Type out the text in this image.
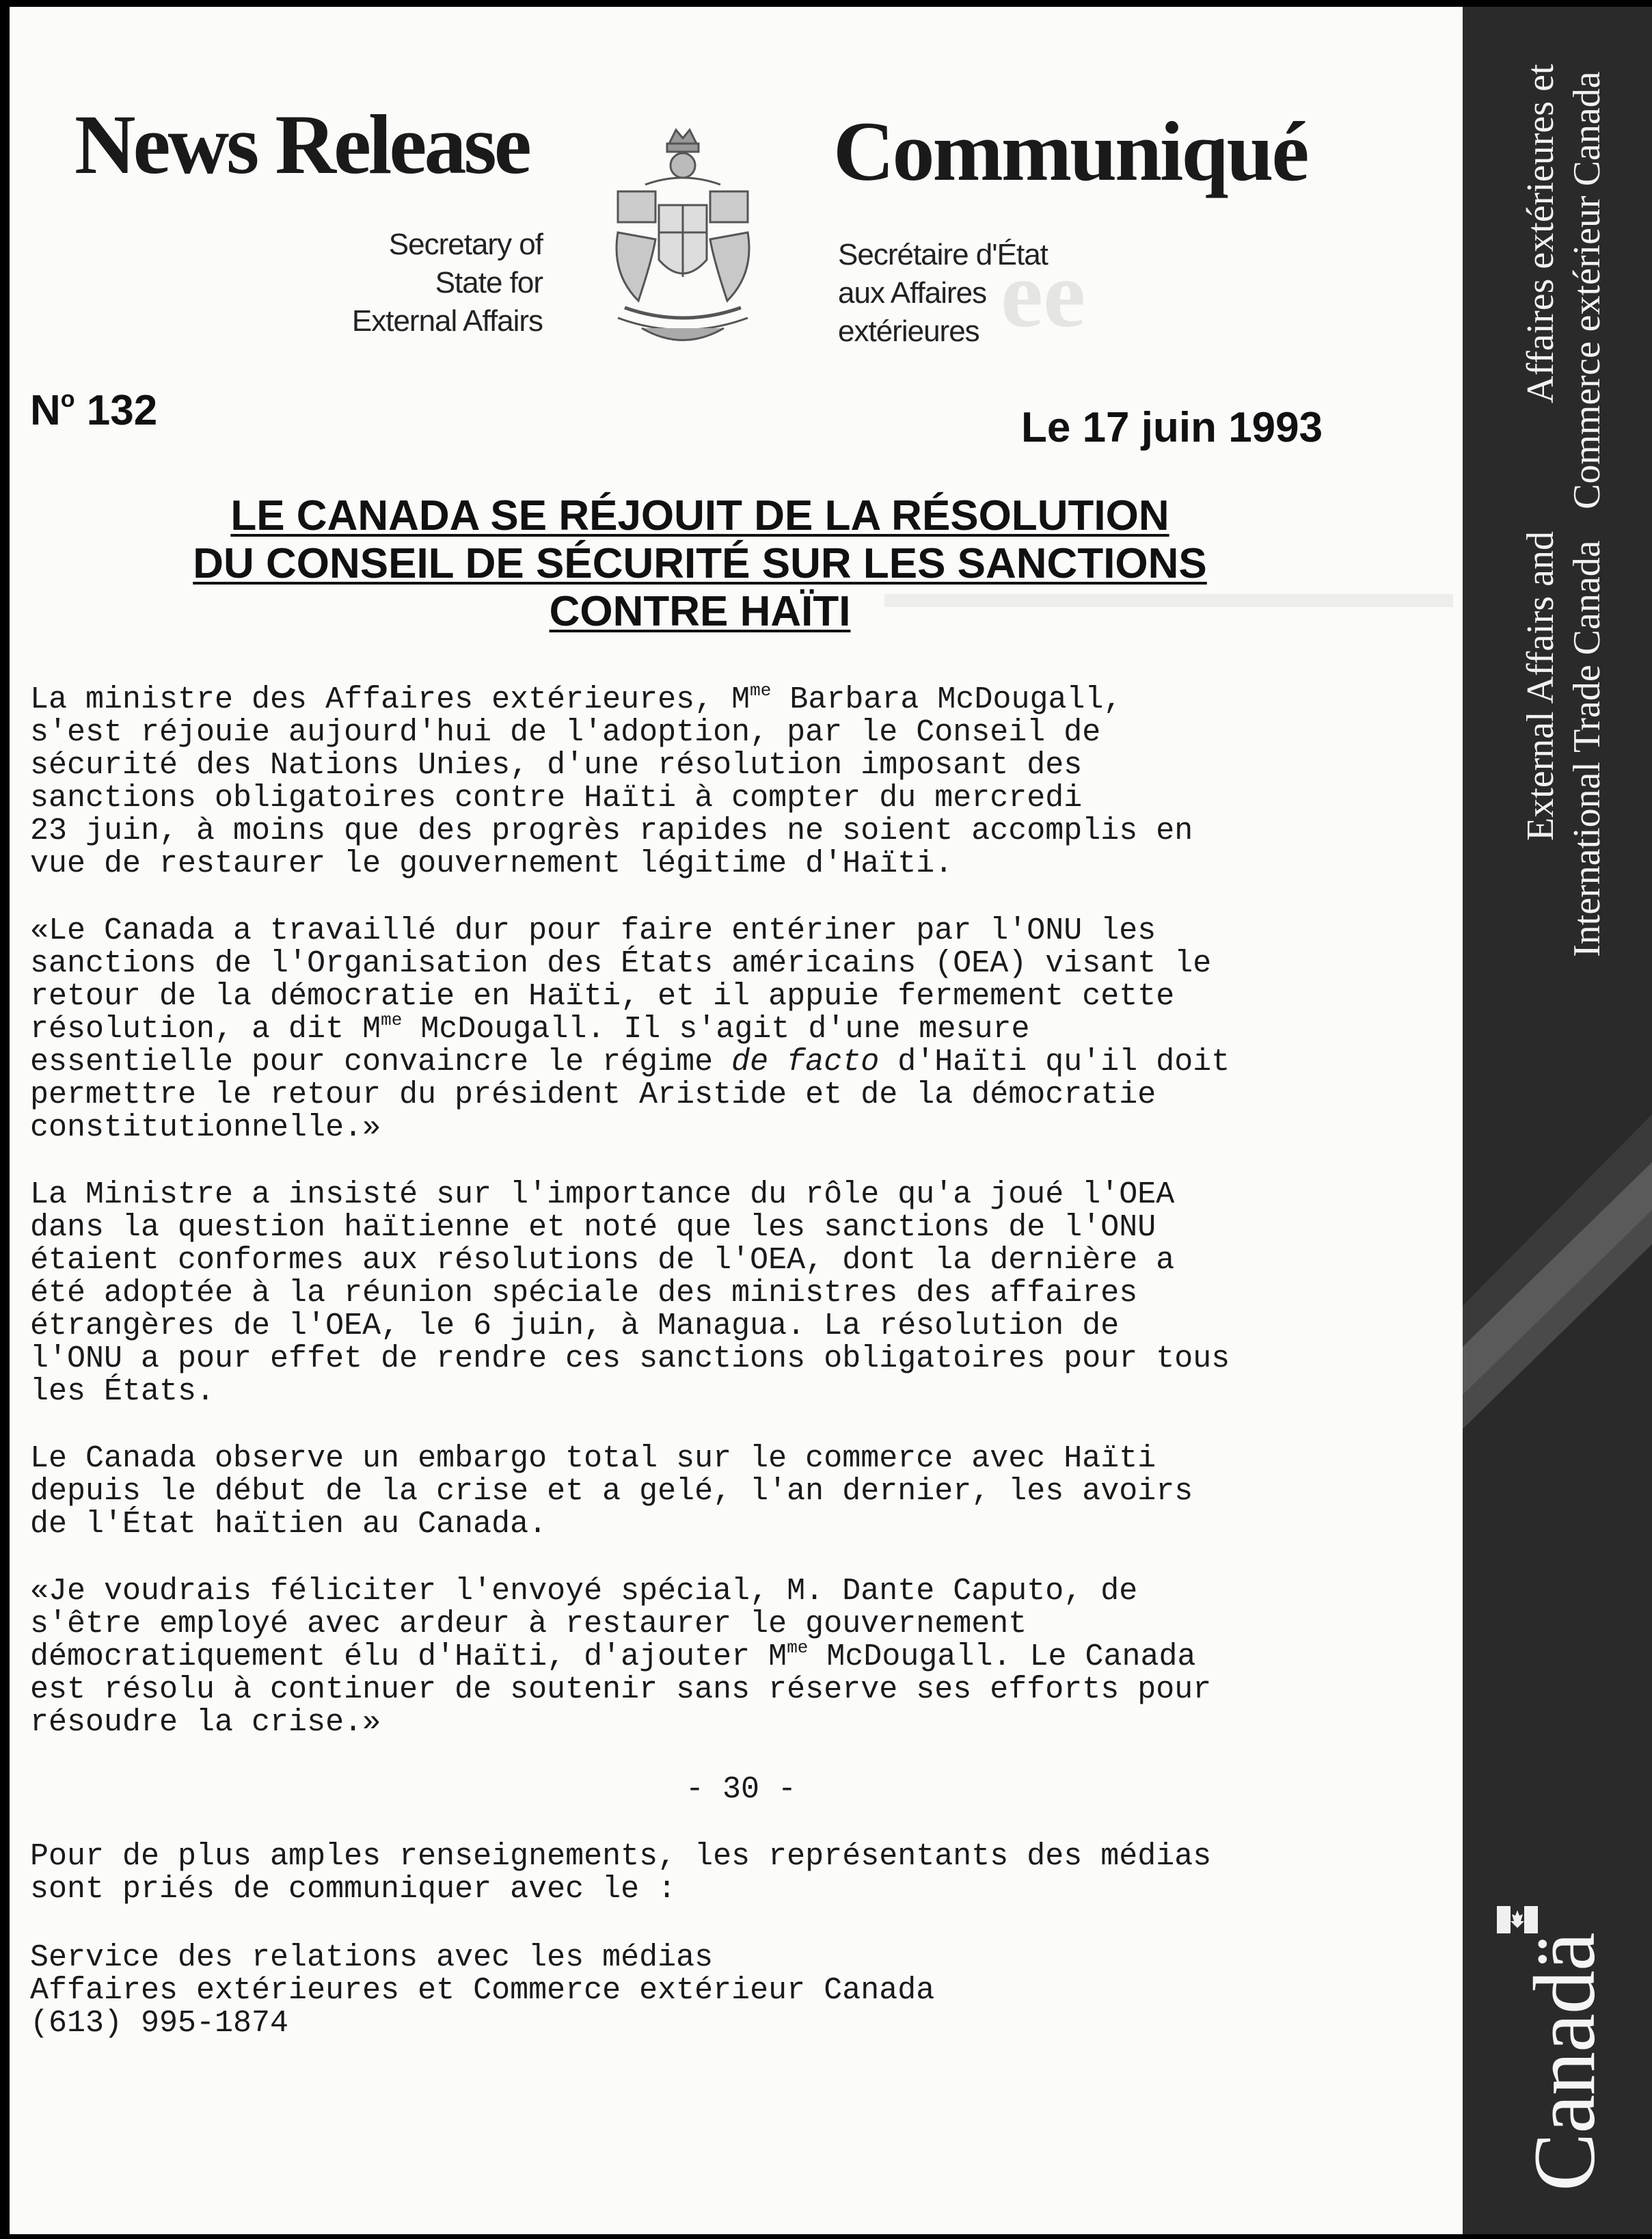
ee
▬▬▬▬▬▬▬▬▬▬▬▬▬
News Release
Secretary of
State for
External Affairs
Communiqué
Secrétaire d'État
aux Affaires
extérieures
$N^o$ 132	Le 17 juin 1993
LE CANADA SE RÉJOUIT DE LA RÉSOLUTION
DU CONSEIL DE SÉCURITÉ SUR LES SANCTIONS
CONTRE HAÏTI

La ministre des Affaires extérieures, $M^{me}$ Barbara McDougall,
s'est réjouie aujourd'hui de l'adoption, par le Conseil de
sécurité des Nations Unies, d'une résolution imposant des
sanctions obligatoires contre Haïti à compter du mercredi
23 juin, à moins que des progrès rapides ne soient accomplis en
vue de restaurer le gouvernement légitime d'Haïti.

«Le Canada a travaillé dur pour faire entériner par l'ONU les
sanctions de l'Organisation des États américains (OEA) visant le
retour de la démocratie en Haïti, et il appuie fermement cette
résolution, a dit $M^{me}$ McDougall. Il s'agit d'une mesure
essentielle pour convaincre le régime de facto d'Haïti qu'il doit
permettre le retour du président Aristide et de la démocratie
constitutionnelle.»

La Ministre a insisté sur l'importance du rôle qu'a joué l'OEA
dans la question haïtienne et noté que les sanctions de l'ONU
étaient conformes aux résolutions de l'OEA, dont la dernière a
été adoptée à la réunion spéciale des ministres des affaires
étrangères de l'OEA, le 6 juin, à Managua. La résolution de
l'ONU a pour effet de rendre ces sanctions obligatoires pour tous
les États.

Le Canada observe un embargo total sur le commerce avec Haïti
depuis le début de la crise et a gelé, l'an dernier, les avoirs
de l'État haïtien au Canada.

«Je voudrais féliciter l'envoyé spécial, M. Dante Caputo, de
s'être employé avec ardeur à restaurer le gouvernement
démocratiquement élu d'Haïti, d'ajouter $M^{me}$ McDougall. Le Canada
est résolu à continuer de soutenir sans réserve ses efforts pour
résoudre la crise.»

- 30 -

Pour de plus amples renseignements, les représentants des médias
sont priés de communiquer avec le :

Service des relations avec les médias
Affaires extérieures et Commerce extérieur Canada
(613) 995-1874

Affaires extérieures et Commerce extérieur Canada
External Affairs and International Trade Canada
Canadä
